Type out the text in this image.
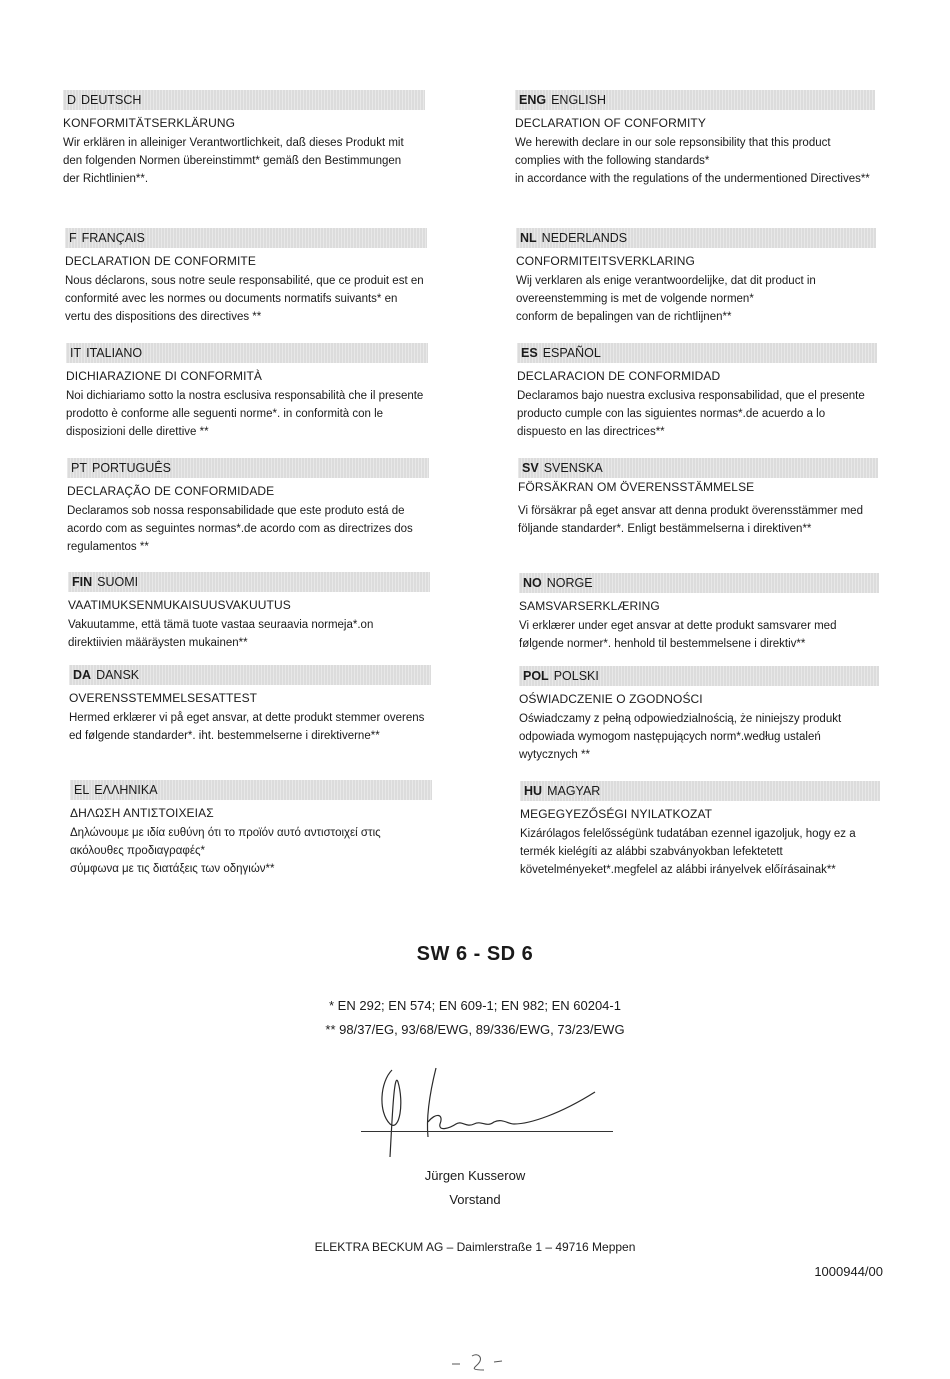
D DEUTSCH
KONFORMITÄTSERKLÄRUNG
Wir erklären in alleiniger Verantwortlichkeit, daß dieses Produkt mit
den folgenden Normen übereinstimmt* gemäß den Bestimmungen
der Richtlinien**.
F FRANÇAIS
DECLARATION DE CONFORMITE
Nous déclarons, sous notre seule responsabilité, que ce produit est en
conformité avec les normes ou documents normatifs suivants* en
vertu des dispositions des directives **
IT ITALIANO
DICHIARAZIONE DI CONFORMITÀ
Noi dichiariamo sotto la nostra esclusiva responsabilità che il presente
prodotto è conforme alle seguenti norme*. in conformità con le
disposizioni delle direttive **
PT PORTUGUÊS
DECLARAÇÃO DE CONFORMIDADE
Declaramos sob nossa responsabilidade que este produto está de
acordo com as seguintes normas*.de acordo com as directrizes dos
regulamentos **
FIN SUOMI
VAATIMUKSENMUKAISUUSVAKUUTUS
Vakuutamme, että tämä tuote vastaa seuraavia normeja*.on
direktiivien määräysten mukainen**
DA DANSK
OVERENSSTEMMELSESATTEST
Hermed erklærer vi på eget ansvar, at dette produkt stemmer overens
ed følgende standarder*. iht. bestemmelserne i direktiverne**
EL ΕΛΛΗΝΙΚΑ
ΔΗΛΩΣΗ ΑΝΤΙΣΤΟΙΧΕΙΑΣ
Δηλώνουμε με ιδία ευθύνη ότι το προϊόν αυτό αντιστοιχεί στις
ακόλουθες προδιαγραφές*
σύμφωνα με τις διατάξεις των οδηγιών**
ENG ENGLISH
DECLARATION OF CONFORMITY
We herewith declare in our sole repsonsibility that this product
complies with the following standards*
in accordance with the regulations of the undermentioned Directives**
NL NEDERLANDS
CONFORMITEITSVERKLARING
Wij verklaren als enige verantwoordelijke, dat dit product in
overeenstemming is met de volgende normen*
conform de bepalingen van de richtlijnen**
ES ESPAÑOL
DECLARACION DE CONFORMIDAD
Declaramos bajo nuestra exclusiva responsabilidad, que el presente
producto cumple con las siguientes normas*.de acuerdo a lo
dispuesto en las directrices**
SV SVENSKA
FÖRSÄKRAN OM ÖVERENSSTÄMMELSE
Vi försäkrar på eget ansvar att denna produkt överensstämmer med
följande standarder*. Enligt bestämmelserna i direktiven**
NO NORGE
SAMSVARSERKLÆRING
Vi erklærer under eget ansvar at dette produkt samsvarer med
følgende normer*. henhold til bestemmelsene i direktiv**
POL POLSKI
OŚWIADCZENIE O ZGODNOŚCI
Oświadczamy z pełną odpowiedzialnością, że niniejszy produkt
odpowiada wymogom następujących norm*.według ustaleń
wytycznych **
HU MAGYAR
MEGEGYEZŐSÉGI NYILATKOZAT
Kizárólagos felelősségünk tudatában ezennel igazoljuk, hogy ez a
termék kielégíti az alábbi szabványokban lefektetett
követelményeket*.megfelel az alábbi irányelvek előírásainak**
SW 6 - SD 6
* EN 292; EN 574; EN 609-1; EN 982; EN 60204-1
** 98/37/EG, 93/68/EWG, 89/336/EWG, 73/23/EWG
Jürgen Kusserow
Vorstand
ELEKTRA BECKUM AG – Daimlerstraße 1 – 49716 Meppen
1000944/00
